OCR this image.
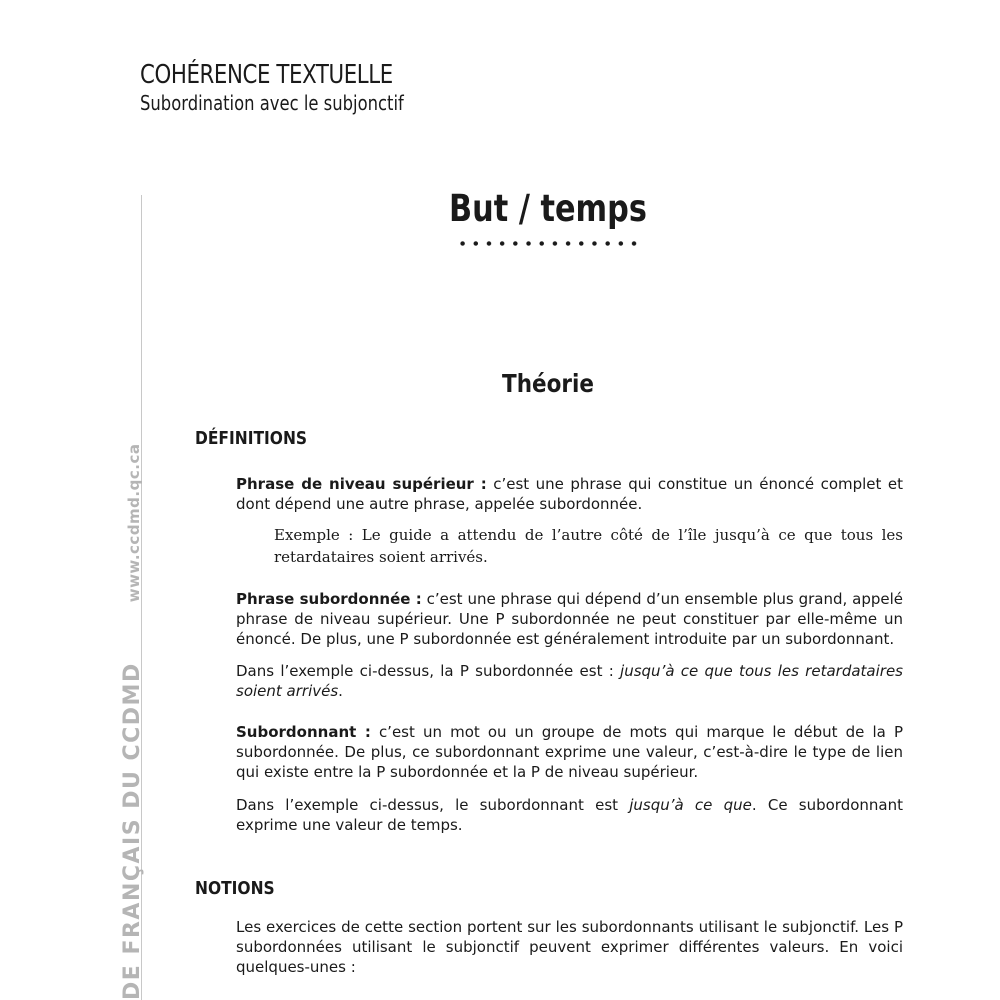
COHÉRENCE TEXTUELLE
Subordination avec le subjonctif
DE FRANÇAIS DU CCDMDwww.ccdmd.qc.ca
But / temps
Théorie
DÉFINITIONS

Phrase de niveau supérieur : c’est une phrase qui constitue un énoncé complet et dont dépend une autre phrase, appelée subordonnée.

Exemple : Le guide a attendu de l’autre côté de l’île jusqu’à ce que tous les retardataires soient arrivés.

Phrase subordonnée : c’est une phrase qui dépend d’un ensemble plus grand, appelé phrase de niveau supérieur. Une P subordonnée ne peut constituer par elle-même un énoncé. De plus, une P subordonnée est généralement introduite par un subordonnant.

Dans l’exemple ci-dessus, la P subordonnée est : jusqu’à ce que tous les retardataires soient arrivés.

Subordonnant : c’est un mot ou un groupe de mots qui marque le début de la P subordonnée. De plus, ce subordonnant exprime une valeur, c’est-à-dire le type de lien qui existe entre la P subordonnée et la P de niveau supérieur.

Dans l’exemple ci-dessus, le subordonnant est jusqu’à ce que. Ce subordonnant exprime une valeur de temps.

NOTIONS

Les exercices de cette section portent sur les subordonnants utilisant le subjonctif. Les P subordonnées utilisant le subjonctif peuvent exprimer différentes valeurs. En voici quelques-unes :
